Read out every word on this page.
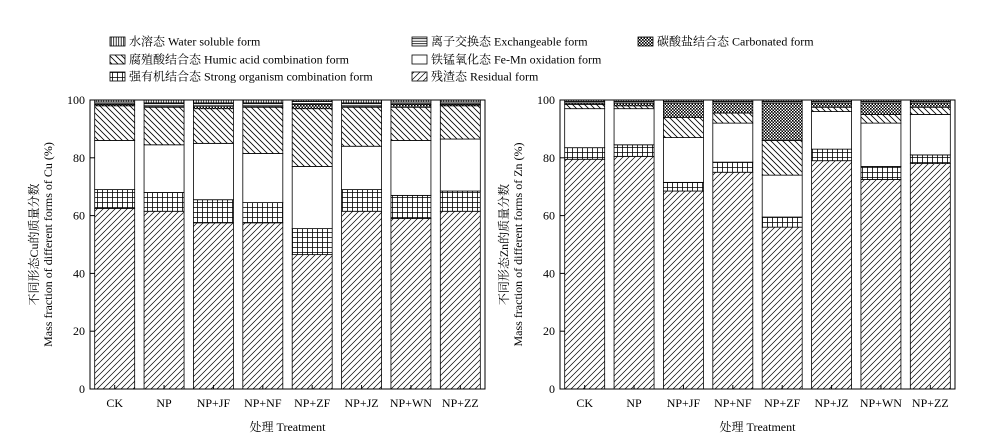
水溶态 Water soluble form	离子交换态 Exchangeable form	碳酸盐结合态 Carbonated form
腐殖酸结合态 Humic acid combination form	铁锰氧化态 Fe-Mn oxidation form
强有机结合态 Strong organism combination form	残渣态 Residual form
0
20
40
60
80
100
CK	NP NP+JF NP+NF NP+ZF NP+JZ NP+WN NP+ZZ
不同形态Cu的质量分数 Mass fraction of different forms of Cu (%)
处理 Treatment
0
20
40
60
80
100
CK	NP NP+JF NP+NF NP+ZF NP+JZ NP+WN NP+ZZ
不同形态Zn的质量分数 Mass fraction of different forms of Zn (%)
处理 Treatment
